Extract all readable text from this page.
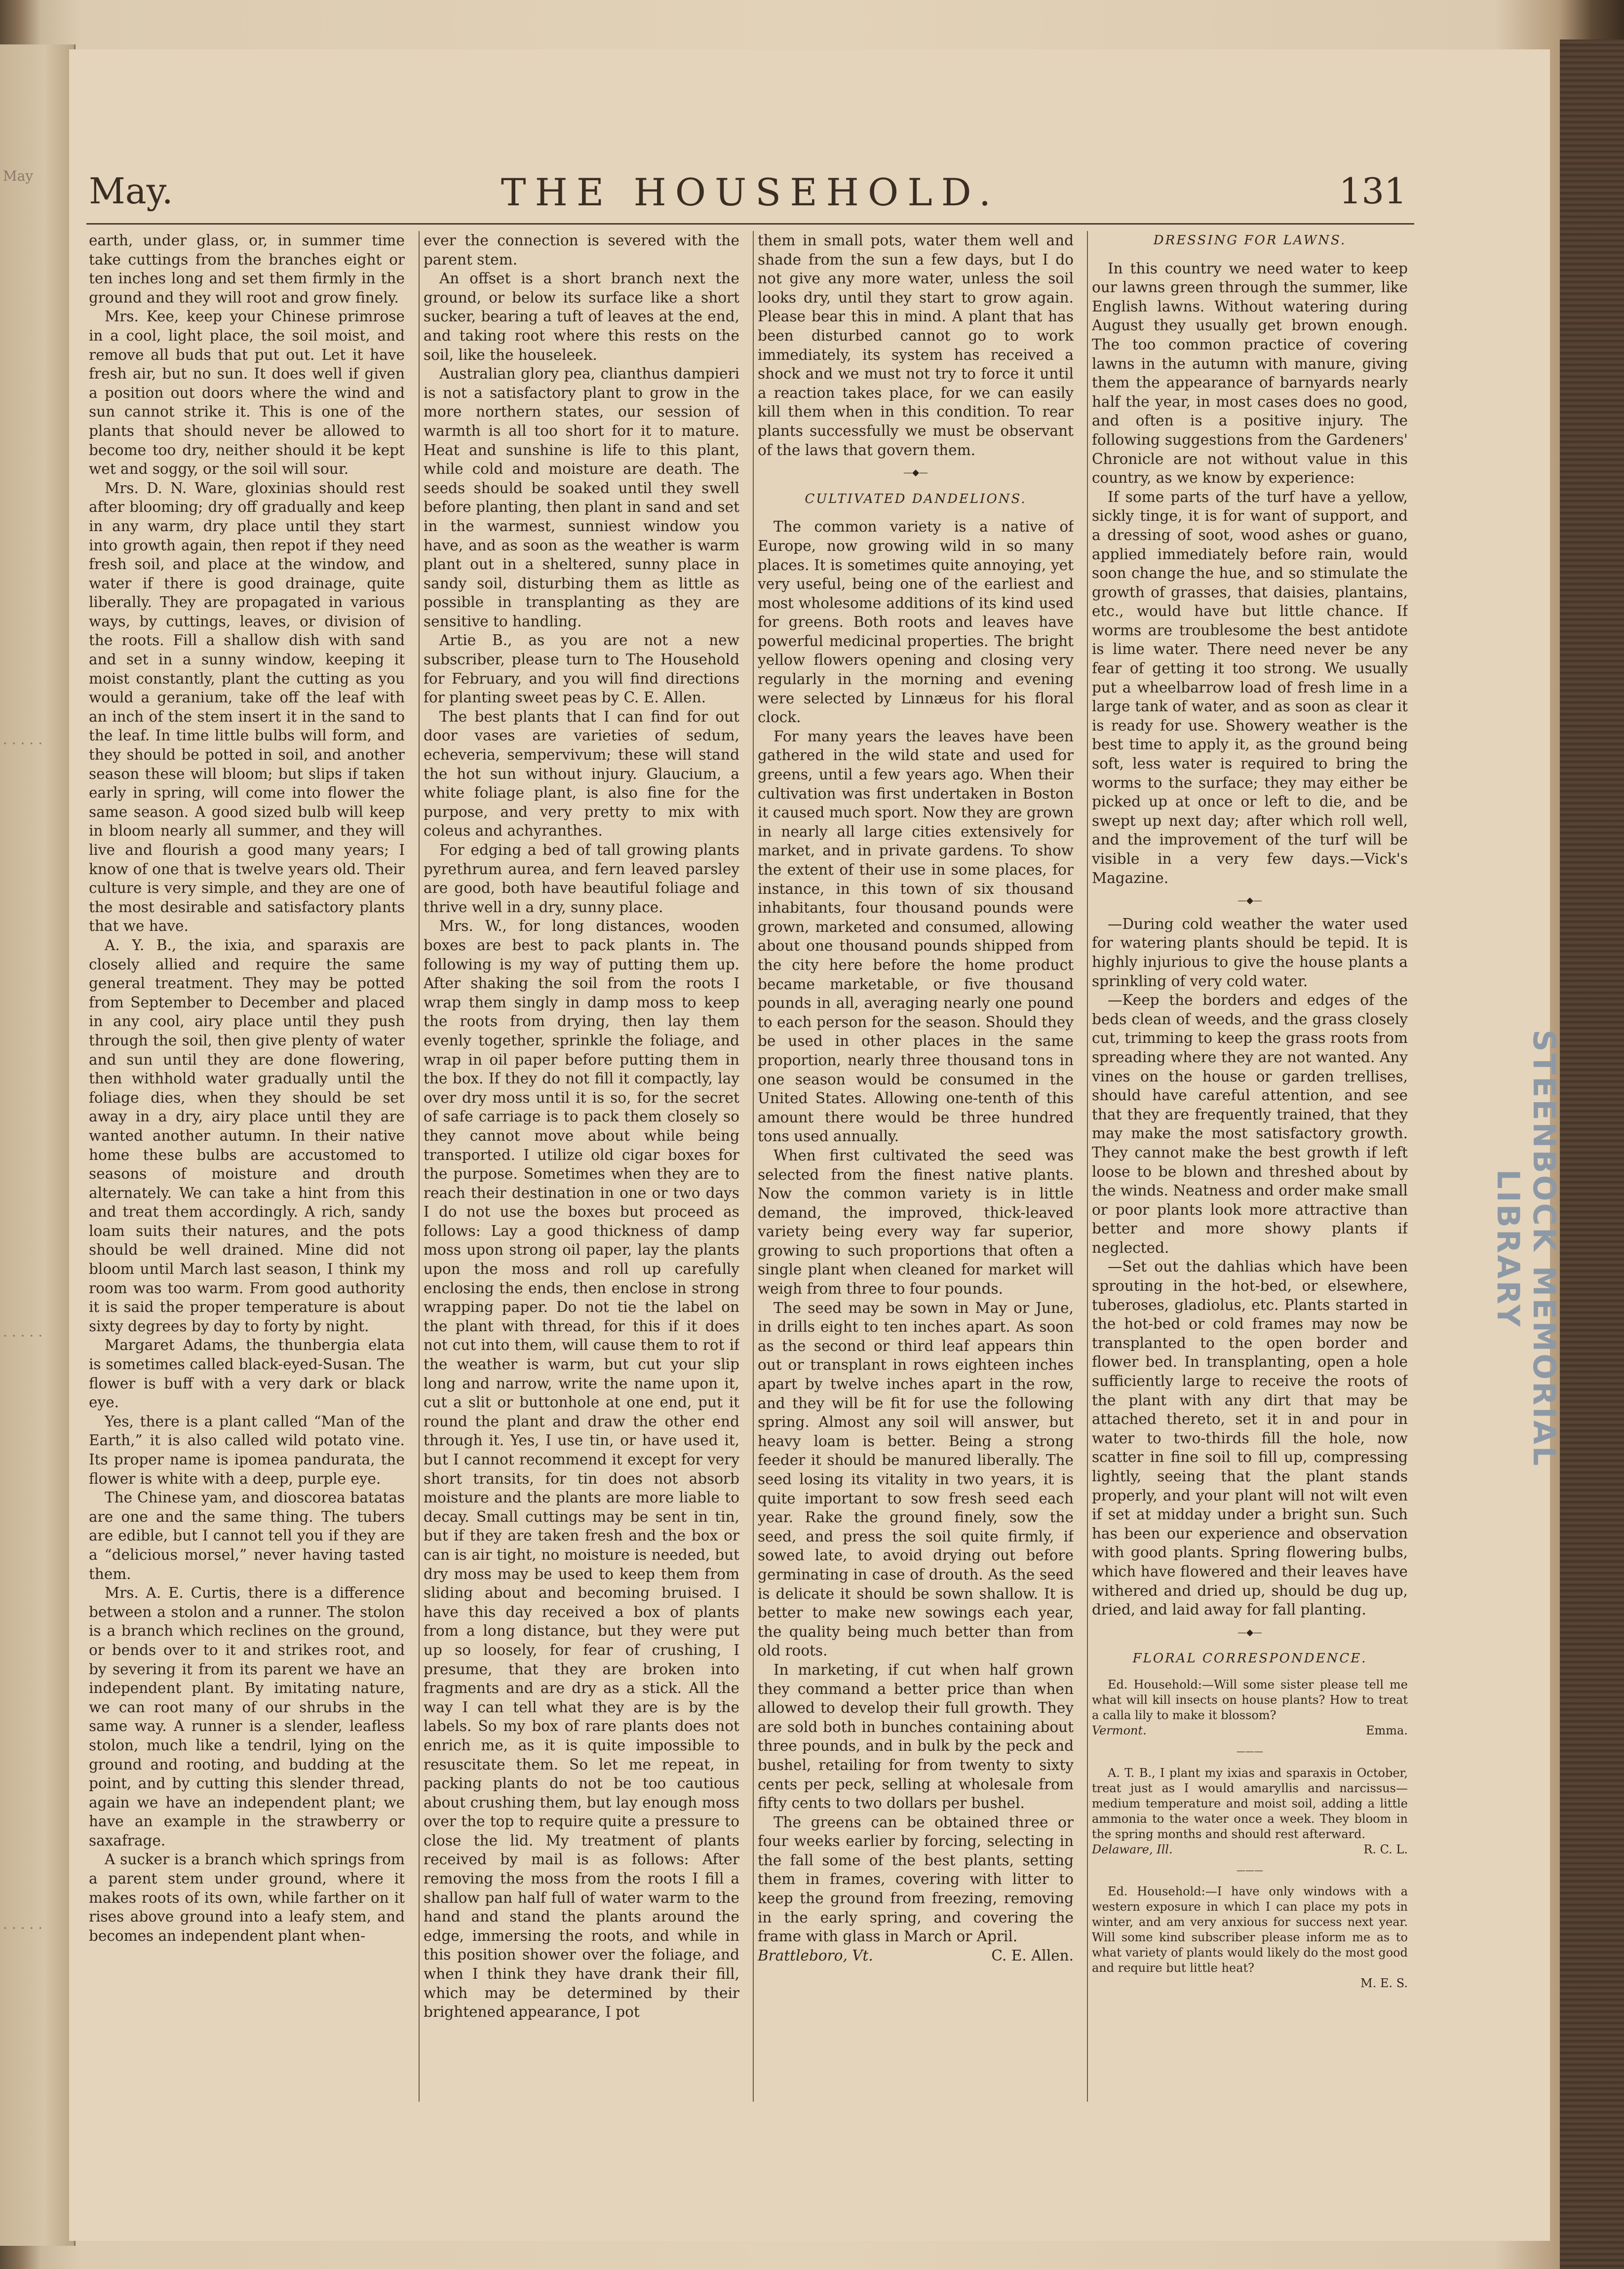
May
· · · · ·
· · · · ·
· · · · ·
STEENBOCK MEMORIAL LIBRARY
May.	THE HOUSEHOLD.	131

earth, under glass, or, in summer time take cuttings from the branches eight or ten inches long and set them firmly in the ground and they will root and grow finely.

Mrs. Kee, keep your Chinese primrose in a cool, light place, the soil moist, and remove all buds that put out. Let it have fresh air, but no sun. It does well if given a position out doors where the wind and sun cannot strike it. This is one of the plants that should never be allowed to become too dry, neither should it be kept wet and soggy, or the soil will sour.

Mrs. D. N. Ware, gloxinias should rest after blooming; dry off gradually and keep in any warm, dry place until they start into growth again, then repot if they need fresh soil, and place at the window, and water if there is good drainage, quite liberally. They are propagated in various ways, by cuttings, leaves, or division of the roots. Fill a shallow dish with sand and set in a sunny window, keeping it moist constantly, plant the cutting as you would a geranium, take off the leaf with an inch of the stem insert it in the sand to the leaf. In time little bulbs will form, and they should be potted in soil, and another season these will bloom; but slips if taken early in spring, will come into flower the same season. A good sized bulb will keep in bloom nearly all summer, and they will live and flourish a good many years; I know of one that is twelve years old. Their culture is very simple, and they are one of the most desirable and satisfactory plants that we have.

A. Y. B., the ixia, and sparaxis are closely allied and require the same general treatment. They may be potted from September to December and placed in any cool, airy place until they push through the soil, then give plenty of water and sun until they are done flowering, then withhold water gradually until the foliage dies, when they should be set away in a dry, airy place until they are wanted another autumn. In their native home these bulbs are accustomed to seasons of moisture and drouth alternately. We can take a hint from this and treat them accordingly. A rich, sandy loam suits their natures, and the pots should be well drained. Mine did not bloom until March last season, I think my room was too warm. From good authority it is said the proper temperature is about sixty degrees by day to forty by night.

Margaret Adams, the thunbergia elata is sometimes called black-eyed-Susan. The flower is buff with a very dark or black eye.

Yes, there is a plant called “Man of the Earth,” it is also called wild potato vine. Its proper name is ipomea pandurata, the flower is white with a deep, purple eye.

The Chinese yam, and dioscorea batatas are one and the same thing. The tubers are edible, but I cannot tell you if they are a “delicious morsel,” never having tasted them.

Mrs. A. E. Curtis, there is a difference between a stolon and a runner. The stolon is a branch which reclines on the ground, or bends over to it and strikes root, and by severing it from its parent we have an independent plant. By imitating nature, we can root many of our shrubs in the same way. A runner is a slender, leafless stolon, much like a tendril, lying on the ground and rooting, and budding at the point, and by cutting this slender thread, again we have an independent plant; we have an example in the strawberry or saxafrage.

A sucker is a branch which springs from a parent stem under ground, where it makes roots of its own, while farther on it rises above ground into a leafy stem, and becomes an independent plant when-

ever the connection is severed with the parent stem.

An offset is a short branch next the ground, or below its surface like a short sucker, bearing a tuft of leaves at the end, and taking root where this rests on the soil, like the houseleek.

Australian glory pea, clianthus dampieri is not a satisfactory plant to grow in the more northern states, our session of warmth is all too short for it to mature. Heat and sunshine is life to this plant, while cold and moisture are death. The seeds should be soaked until they swell before planting, then plant in sand and set in the warmest, sunniest window you have, and as soon as the weather is warm plant out in a sheltered, sunny place in sandy soil, disturbing them as little as possible in transplanting as they are sensitive to handling.

Artie B., as you are not a new subscriber, please turn to The Household for February, and you will find directions for planting sweet peas by C. E. Allen.

The best plants that I can find for out door vases are varieties of sedum, echeveria, sempervivum; these will stand the hot sun without injury. Glaucium, a white foliage plant, is also fine for the purpose, and very pretty to mix with coleus and achyranthes.

For edging a bed of tall growing plants pyrethrum aurea, and fern leaved parsley are good, both have beautiful foliage and thrive well in a dry, sunny place.

Mrs. W., for long distances, wooden boxes are best to pack plants in. The following is my way of putting them up. After shaking the soil from the roots I wrap them singly in damp moss to keep the roots from drying, then lay them evenly together, sprinkle the foliage, and wrap in oil paper before putting them in the box. If they do not fill it compactly, lay over dry moss until it is so, for the secret of safe carriage is to pack them closely so they cannot move about while being transported. I utilize old cigar boxes for the purpose. Sometimes when they are to reach their destination in one or two days I do not use the boxes but proceed as follows: Lay a good thickness of damp moss upon strong oil paper, lay the plants upon the moss and roll up carefully enclosing the ends, then enclose in strong wrapping paper. Do not tie the label on the plant with thread, for this if it does not cut into them, will cause them to rot if the weather is warm, but cut your slip long and narrow, write the name upon it, cut a slit or buttonhole at one end, put it round the plant and draw the other end through it. Yes, I use tin, or have used it, but I cannot recommend it except for very short transits, for tin does not absorb moisture and the plants are more liable to decay. Small cuttings may be sent in tin, but if they are taken fresh and the box or can is air tight, no moisture is needed, but dry moss may be used to keep them from sliding about and becoming bruised. I have this day received a box of plants from a long distance, but they were put up so loosely, for fear of crushing, I presume, that they are broken into fragments and are dry as a stick. All the way I can tell what they are is by the labels. So my box of rare plants does not enrich me, as it is quite impossible to resuscitate them. So let me repeat, in packing plants do not be too cautious about crushing them, but lay enough moss over the top to require quite a pressure to close the lid. My treatment of plants received by mail is as follows: After removing the moss from the roots I fill a shallow pan half full of water warm to the hand and stand the plants around the edge, immersing the roots, and while in this position shower over the foliage, and when I think they have drank their fill, which may be determined by their brightened appearance, I pot

them in small pots, water them well and shade from the sun a few days, but I do not give any more water, unless the soil looks dry, until they start to grow again. Please bear this in mind. A plant that has been disturbed cannot go to work immediately, its system has received a shock and we must not try to force it until a reaction takes place, for we can easily kill them when in this condition. To rear plants successfully we must be observant of the laws that govern them.

—◆—
CULTIVATED DANDELIONS.

The common variety is a native of Europe, now growing wild in so many places. It is sometimes quite annoying, yet very useful, being one of the earliest and most wholesome additions of its kind used for greens. Both roots and leaves have powerful medicinal properties. The bright yellow flowers opening and closing very regularly in the morning and evening were selected by Linnæus for his floral clock.

For many years the leaves have been gathered in the wild state and used for greens, until a few years ago. When their cultivation was first undertaken in Boston it caused much sport. Now they are grown in nearly all large cities extensively for market, and in private gardens. To show the extent of their use in some places, for instance, in this town of six thousand inhabitants, four thousand pounds were grown, marketed and consumed, allowing about one thousand pounds shipped from the city here before the home product became marketable, or five thousand pounds in all, averaging nearly one pound to each person for the season. Should they be used in other places in the same proportion, nearly three thousand tons in one season would be consumed in the United States. Allowing one-tenth of this amount there would be three hundred tons used annually.

When first cultivated the seed was selected from the finest native plants. Now the common variety is in little demand, the improved, thick-leaved variety being every way far superior, growing to such proportions that often a single plant when cleaned for market will weigh from three to four pounds.

The seed may be sown in May or June, in drills eight to ten inches apart. As soon as the second or third leaf appears thin out or transplant in rows eighteen inches apart by twelve inches apart in the row, and they will be fit for use the following spring. Almost any soil will answer, but heavy loam is better. Being a strong feeder it should be manured liberally. The seed losing its vitality in two years, it is quite important to sow fresh seed each year. Rake the ground finely, sow the seed, and press the soil quite firmly, if sowed late, to avoid drying out before germinating in case of drouth. As the seed is delicate it should be sown shallow. It is better to make new sowings each year, the quality being much better than from old roots.

In marketing, if cut when half grown they command a better price than when allowed to develop their full growth. They are sold both in bunches containing about three pounds, and in bulk by the peck and bushel, retailing for from twenty to sixty cents per peck, selling at wholesale from fifty cents to two dollars per bushel.

The greens can be obtained three or four weeks earlier by forcing, selecting in the fall some of the best plants, setting them in frames, covering with litter to keep the ground from freezing, removing in the early spring, and covering the frame with glass in March or April.

Brattleboro, Vt.	C. E. Allen.
DRESSING FOR LAWNS.

In this country we need water to keep our lawns green through the summer, like English lawns. Without watering during August they usually get brown enough. The too common practice of covering lawns in the autumn with manure, giving them the appearance of barnyards nearly half the year, in most cases does no good, and often is a positive injury. The following suggestions from the Gardeners' Chronicle are not without value in this country, as we know by experience:

If some parts of the turf have a yellow, sickly tinge, it is for want of support, and a dressing of soot, wood ashes or guano, applied immediately before rain, would soon change the hue, and so stimulate the growth of grasses, that daisies, plantains, etc., would have but little chance. If worms are troublesome the best antidote is lime water. There need never be any fear of getting it too strong. We usually put a wheelbarrow load of fresh lime in a large tank of water, and as soon as clear it is ready for use. Showery weather is the best time to apply it, as the ground being soft, less water is required to bring the worms to the surface; they may either be picked up at once or left to die, and be swept up next day; after which roll well, and the improvement of the turf will be visible in a very few days.—Vick's Magazine.

—◆—

—During cold weather the water used for watering plants should be tepid. It is highly injurious to give the house plants a sprinkling of very cold water.

—Keep the borders and edges of the beds clean of weeds, and the grass closely cut, trimming to keep the grass roots from spreading where they are not wanted. Any vines on the house or garden trellises, should have careful attention, and see that they are frequently trained, that they may make the most satisfactory growth. They cannot make the best growth if left loose to be blown and threshed about by the winds. Neatness and order make small or poor plants look more attractive than better and more showy plants if neglected.

—Set out the dahlias which have been sprouting in the hot-bed, or elsewhere, tuberoses, gladiolus, etc. Plants started in the hot-bed or cold frames may now be transplanted to the open border and flower bed. In transplanting, open a hole sufficiently large to receive the roots of the plant with any dirt that may be attached thereto, set it in and pour in water to two-thirds fill the hole, now scatter in fine soil to fill up, compressing lightly, seeing that the plant stands properly, and your plant will not wilt even if set at midday under a bright sun. Such has been our experience and observation with good plants. Spring flowering bulbs, which have flowered and their leaves have withered and dried up, should be dug up, dried, and laid away for fall planting.

—◆—
FLORAL CORRESPONDENCE.

Ed. Household:—Will some sister please tell me what will kill insects on house plants? How to treat a calla lily to make it blossom?

Vermont.	Emma.
———

A. T. B., I plant my ixias and sparaxis in October, treat just as I would amaryllis and narcissus—medium temperature and moist soil, adding a little ammonia to the water once a week. They bloom in the spring months and should rest afterward.

Delaware, Ill.	R. C. L.
———

Ed. Household:—I have only windows with a western exposure in which I can place my pots in winter, and am very anxious for success next year. Will some kind subscriber please inform me as to what variety of plants would likely do the most good and require but little heat?

M. E. S.
